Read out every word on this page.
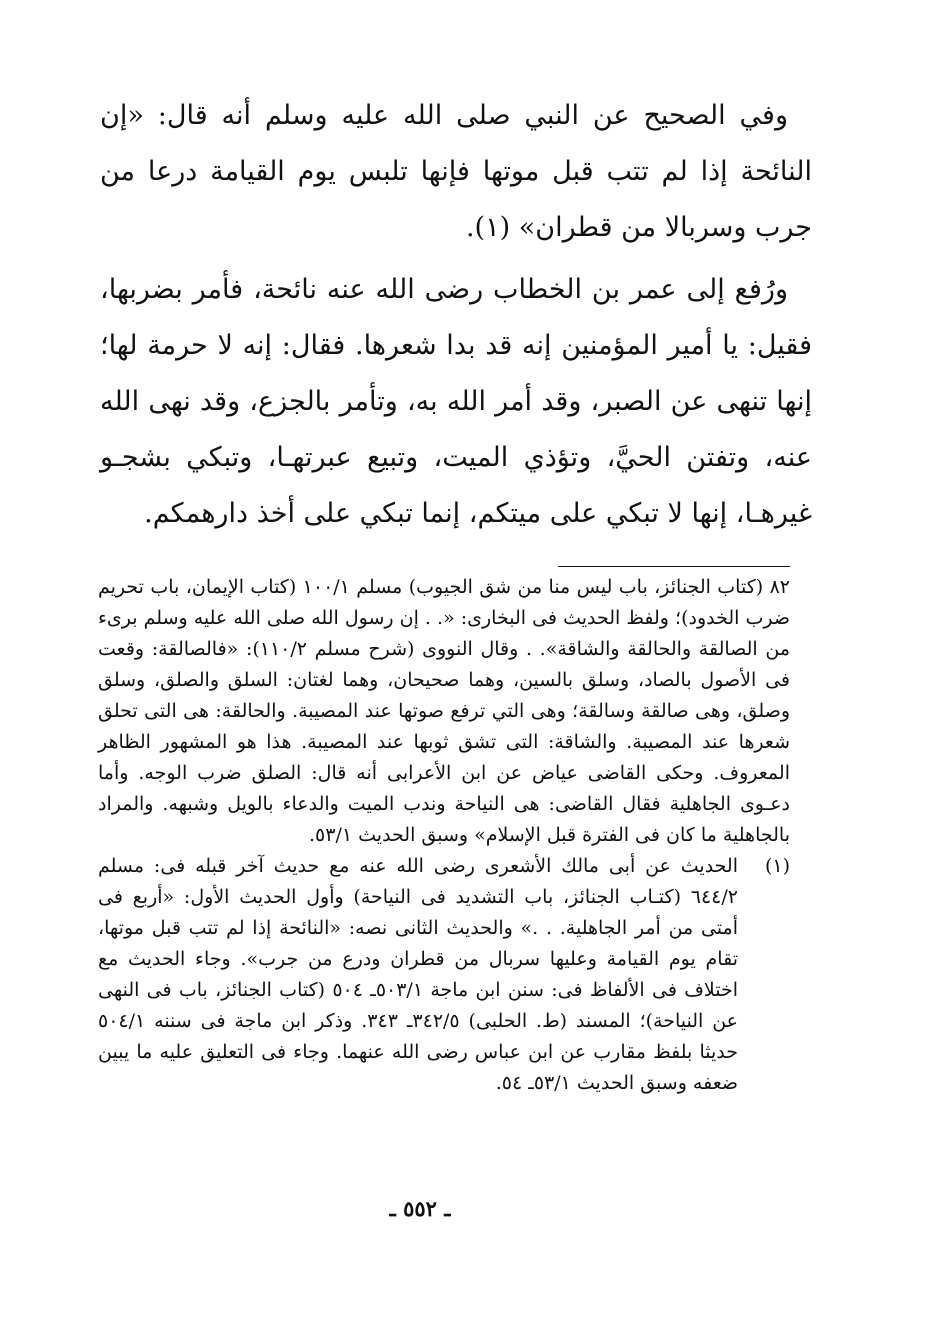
وفي الصحيح عن النبي صلى الله عليه وسلم أنه قال: «إن النائحة إذا لم تتب قبل موتها فإنها تلبس يوم القيامة درعا من جرب وسربالا من قطران» (١).

ورُفع إلى عمر بن الخطاب رضى الله عنه نائحة، فأمر بضربها، فقيل: يا أمير المؤمنين إنه قد بدا شعرها. فقال: إنه لا حرمة لها؛ إنها تنهى عن الصبر، وقد أمر الله به، وتأمر بالجزع، وقد نهى الله عنه، وتفتن الحيَّ، وتؤذي الميت، وتبيع عبرتهـا، وتبكي بشجـو غيرهـا، إنها لا تبكي على ميتكم، إنما تبكي على أخذ دارهمكم.

٨٢ (كتاب الجنائز، باب ليس منا من شق الجيوب) مسلم ١٠٠/١ (كتاب الإيمان، باب تحريم ضرب الخدود)؛ ولفظ الحديث فى البخارى: «. . إن رسول الله صلى الله عليه وسلم برىء من الصالقة والحالقة والشاقة». . وقال النووى (شرح مسلم ١١٠/٢): «فالصالقة: وقعت فى الأصول بالصاد، وسلق بالسين، وهما صحيحان، وهما لغتان: السلق والصلق، وسلق وصلق، وهى صالقة وسالقة؛ وهى التي ترفع صوتها عند المصيبة. والحالقة: هى التى تحلق شعرها عند المصيبة. والشاقة: التى تشق ثوبها عند المصيبة. هذا هو المشهور الظاهر المعروف. وحكى القاضى عياض عن ابن الأعرابى أنه قال: الصلق ضرب الوجه. وأما دعـوى الجاهلية فقال القاضى: هى النياحة وندب الميت والدعاء بالويل وشبهه. والمراد بالجاهلية ما كان فى الفترة قبل الإسلام» وسبق الحديث ٥٣/١.

(١)
الحديث عن أبى مالك الأشعرى رضى الله عنه مع حديث آخر قبله فى: مسلم ٦٤٤/٢ (كتـاب الجنائز، باب التشديد فى النياحة) وأول الحديث الأول: «أربع فى أمتى من أمر الجاهلية. . .» والحديث الثانى نصه: «النائحة إذا لم تتب قبل موتها، تقام يوم القيامة وعليها سربال من قطران ودرع من جرب». وجاء الحديث مع اختلاف فى الألفاظ فى: سنن ابن ماجة ٥٠٣/١ـ ٥٠٤ (كتاب الجنائز، باب فى النهى عن النياحة)؛ المسند (ط. الحلبى) ٣٤٢/٥ـ ٣٤٣. وذكر ابن ماجة فى سننه ٥٠٤/١ حديثا بلفظ مقارب عن ابن عباس رضى الله عنهما. وجاء فى التعليق عليه ما يبين ضعفه وسبق الحديث ٥٣/١ـ ٥٤.
ـ ٥٥٢ ـ
